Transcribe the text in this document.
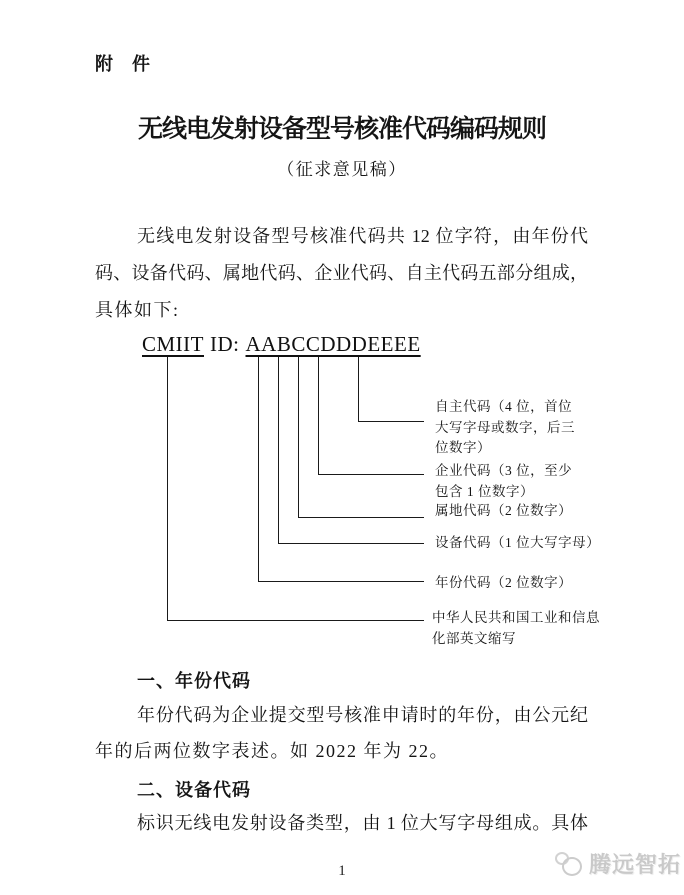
附 件
无线电发射设备型号核准代码编码规则
（征求意见稿）

无线电发射设备型号核准代码共 12 位字符，由年份代

码、设备代码、属地代码、企业代码、自主代码五部分组成，

具体如下:

CMIIT ID: AABCCDDDEEEE
自主代码（4 位，首位
大写字母或数字，后三
位数字）
企业代码（3 位，至少
包含 1 位数字）
属地代码（2 位数字）
设备代码（1 位大写字母）
年份代码（2 位数字）
中华人民共和国工业和信息
化部英文缩写
一、年份代码

年份代码为企业提交型号核准申请时的年份，由公元纪

年的后两位数字表述。如 2022 年为 22。

二、设备代码

标识无线电发射设备类型，由 1 位大写字母组成。具体

1	腾远智拓
